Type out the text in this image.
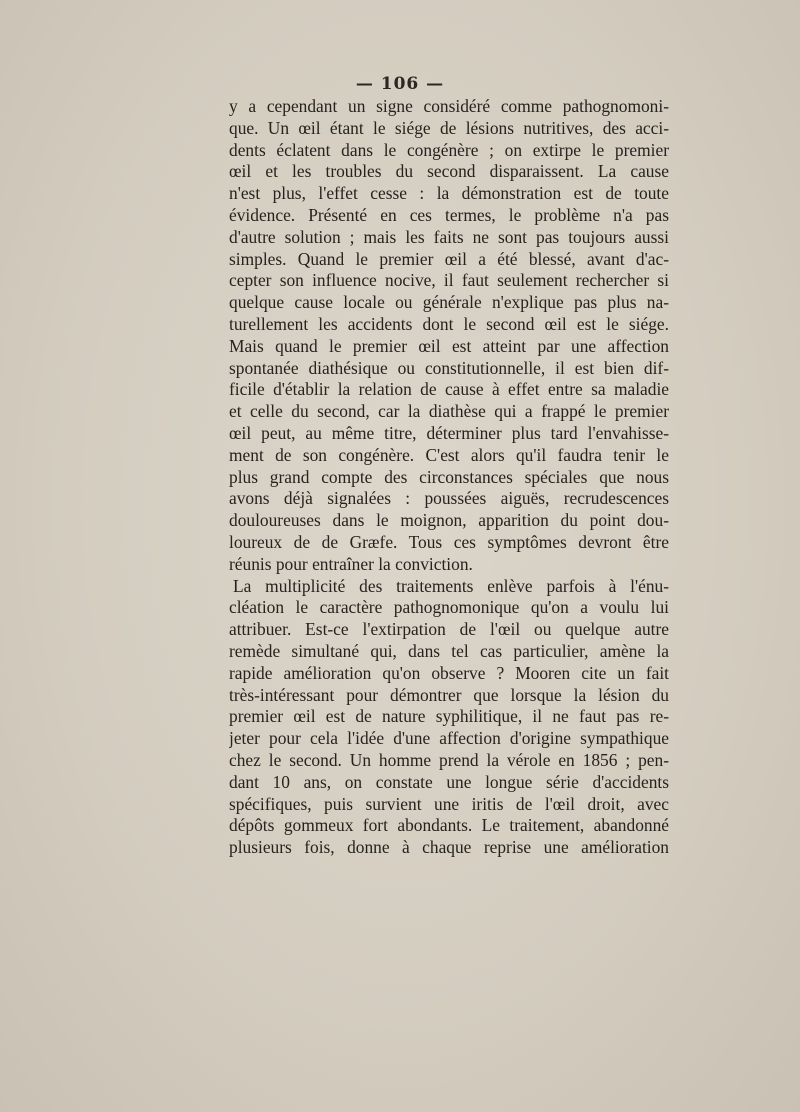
— 106 —
y a cependant un signe considéré comme pathognomoni-
que. Un œil étant le siége de lésions nutritives, des acci-
dents éclatent dans le congénère ; on extirpe le premier
œil et les troubles du second disparaissent. La cause
n'est plus, l'effet cesse : la démonstration est de toute
évidence. Présenté en ces termes, le problème n'a pas
d'autre solution ; mais les faits ne sont pas toujours aussi
simples. Quand le premier œil a été blessé, avant d'ac-
cepter son influence nocive, il faut seulement rechercher si
quelque cause locale ou générale n'explique pas plus na-
turellement les accidents dont le second œil est le siége.
Mais quand le premier œil est atteint par une affection
spontanée diathésique ou constitutionnelle, il est bien dif-
ficile d'établir la relation de cause à effet entre sa maladie
et celle du second, car la diathèse qui a frappé le premier
œil peut, au même titre, déterminer plus tard l'envahisse-
ment de son congénère. C'est alors qu'il faudra tenir le
plus grand compte des circonstances spéciales que nous
avons déjà signalées : poussées aiguës, recrudescences
douloureuses dans le moignon, apparition du point dou-
loureux de de Græfe. Tous ces symptômes devront être
réunis pour entraîner la conviction.
La multiplicité des traitements enlève parfois à l'énu-
cléation le caractère pathognomonique qu'on a voulu lui
attribuer. Est-ce l'extirpation de l'œil ou quelque autre
remède simultané qui, dans tel cas particulier, amène la
rapide amélioration qu'on observe ? Mooren cite un fait
très-intéressant pour démontrer que lorsque la lésion du
premier œil est de nature syphilitique, il ne faut pas re-
jeter pour cela l'idée d'une affection d'origine sympathique
chez le second. Un homme prend la vérole en 1856 ; pen-
dant 10 ans, on constate une longue série d'accidents
spécifiques, puis survient une iritis de l'œil droit, avec
dépôts gommeux fort abondants. Le traitement, abandonné
plusieurs fois, donne à chaque reprise une amélioration
